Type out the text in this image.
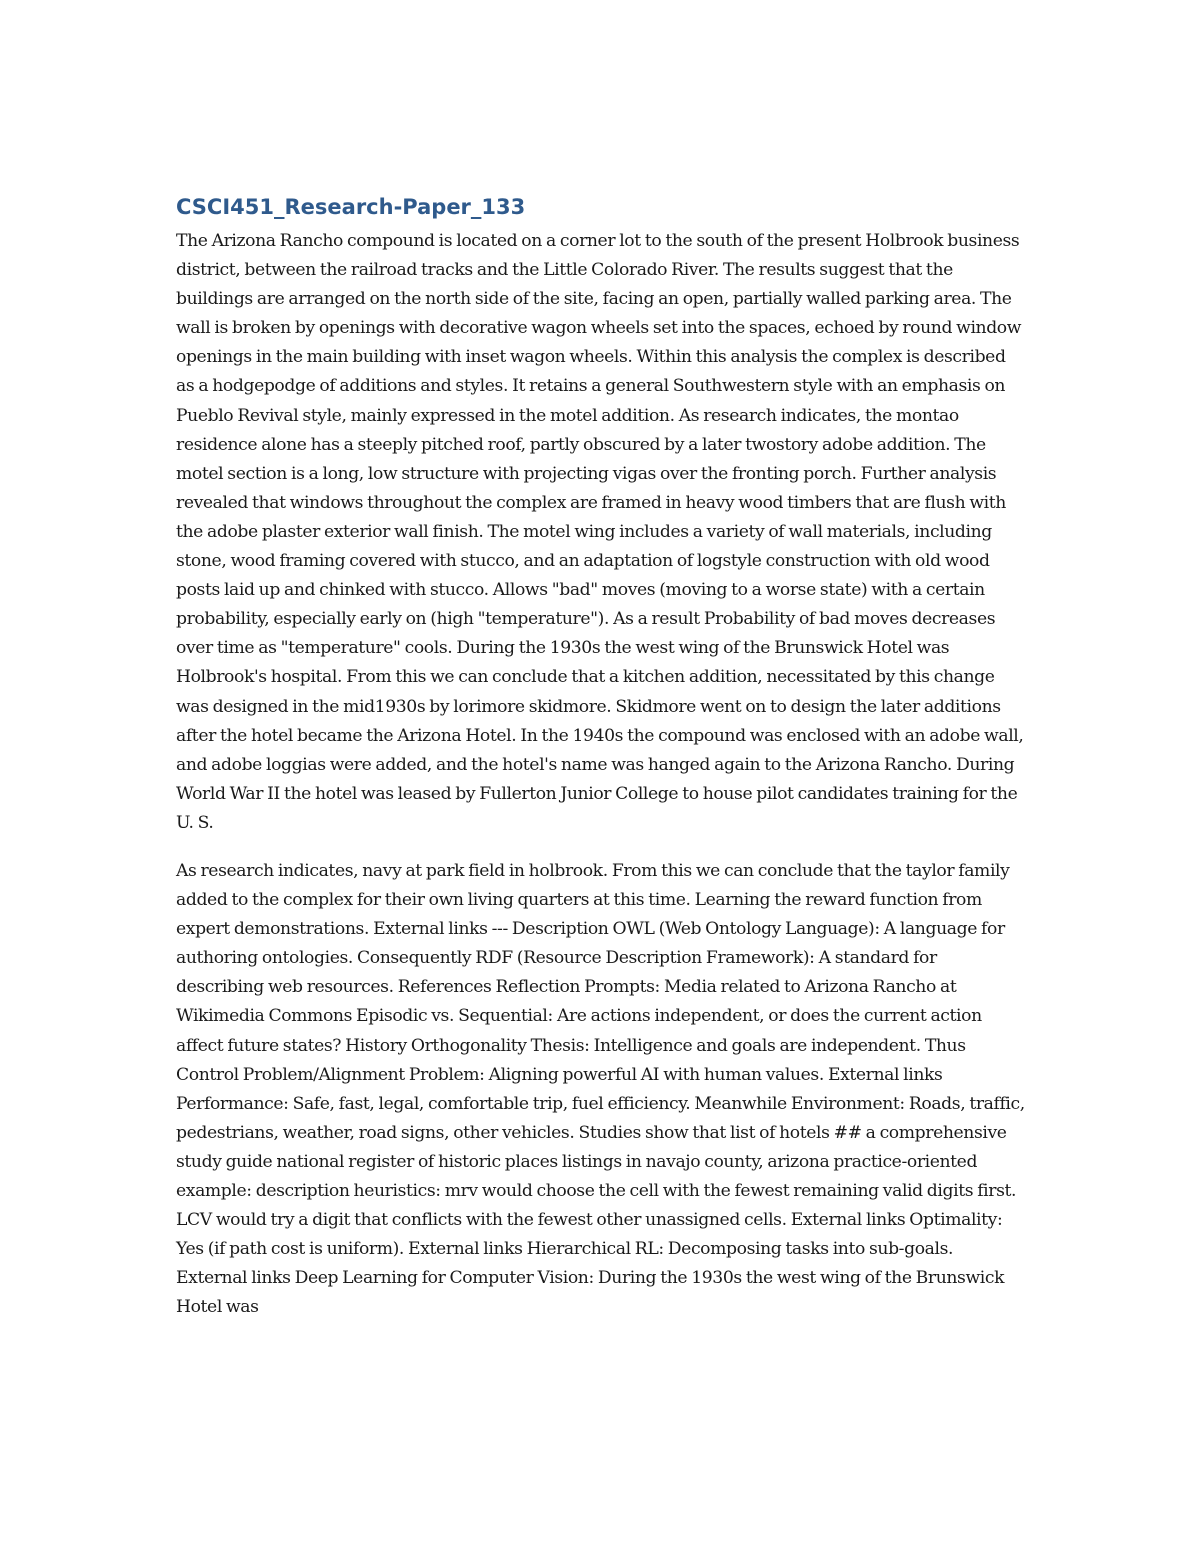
CSCI451_Research-Paper_133

The Arizona Rancho compound is located on a corner lot to the south of the present Holbrook business district, between the railroad tracks and the Little Colorado River. The results suggest that the buildings are arranged on the north side of the site, facing an open, partially walled parking area. The wall is broken by openings with decorative wagon wheels set into the spaces, echoed by round window openings in the main building with inset wagon wheels. Within this analysis the complex is described as a hodgepodge of additions and styles. It retains a general Southwestern style with an emphasis on Pueblo Revival style, mainly expressed in the motel addition. As research indicates, the montao residence alone has a steeply pitched roof, partly obscured by a later twostory adobe addition. The motel section is a long, low structure with projecting vigas over the fronting porch. Further analysis revealed that windows throughout the complex are framed in heavy wood timbers that are flush with the adobe plaster exterior wall finish. The motel wing includes a variety of wall materials, including stone, wood framing covered with stucco, and an adaptation of logstyle construction with old wood posts laid up and chinked with stucco. Allows "bad" moves (moving to a worse state) with a certain probability, especially early on (high "temperature"). As a result Probability of bad moves decreases over time as "temperature" cools. During the 1930s the west wing of the Brunswick Hotel was Holbrook's hospital. From this we can conclude that a kitchen addition, necessitated by this change was designed in the mid1930s by lorimore skidmore. Skidmore went on to design the later additions after the hotel became the Arizona Hotel. In the 1940s the compound was enclosed with an adobe wall, and adobe loggias were added, and the hotel's name was hanged again to the Arizona Rancho. During World War II the hotel was leased by Fullerton Junior College to house pilot candidates training for the U. S.

As research indicates, navy at park field in holbrook. From this we can conclude that the taylor family added to the complex for their own living quarters at this time. Learning the reward function from expert demonstrations. External links --- Description OWL (Web Ontology Language): A language for authoring ontologies. Consequently RDF (Resource Description Framework): A standard for describing web resources. References Reflection Prompts: Media related to Arizona Rancho at Wikimedia Commons Episodic vs. Sequential: Are actions independent, or does the current action affect future states? History Orthogonality Thesis: Intelligence and goals are independent. Thus Control Problem/Alignment Problem: Aligning powerful AI with human values. External links Performance: Safe, fast, legal, comfortable trip, fuel efficiency. Meanwhile Environment: Roads, traffic, pedestrians, weather, road signs, other vehicles. Studies show that list of hotels ## a comprehensive study guide national register of historic places listings in navajo county, arizona practice-oriented example: description heuristics: mrv would choose the cell with the fewest remaining valid digits first. LCV would try a digit that conflicts with the fewest other unassigned cells. External links Optimality: Yes (if path cost is uniform). External links Hierarchical RL: Decomposing tasks into sub-goals. External links Deep Learning for Computer Vision: During the 1930s the west wing of the Brunswick Hotel was
